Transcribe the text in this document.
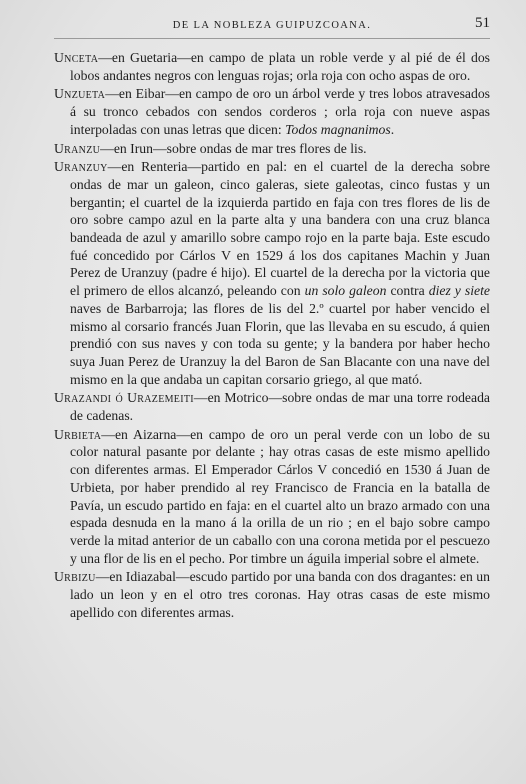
DE LA NOBLEZA GUIPUZCOANA.	51

Unceta—en Guetaria—en campo de plata un roble verde y al pié de él dos lobos andantes negros con lenguas rojas; orla roja con ocho aspas de oro.

Unzueta—en Eibar—en campo de oro un árbol verde y tres lobos atravesados á su tronco cebados con sendos corderos ; orla roja con nueve aspas interpoladas con unas letras que dicen: Todos magnanimos.

Uranzu—en Irun—sobre ondas de mar tres flores de lis.

Uranzuy—en Renteria—partido en pal: en el cuartel de la derecha sobre ondas de mar un galeon, cinco galeras, siete galeotas, cinco fustas y un bergantin; el cuartel de la izquierda partido en faja con tres flores de lis de oro sobre campo azul en la parte alta y una bandera con una cruz blanca bandeada de azul y amarillo sobre campo rojo en la parte baja. Este escudo fué concedido por Cárlos V en 1529 á los dos capitanes Machin y Juan Perez de Uranzuy (padre é hijo). El cuartel de la derecha por la victoria que el primero de ellos alcanzó, peleando con un solo galeon contra diez y siete naves de Barbarroja; las flores de lis del 2.º cuartel por haber vencido el mismo al corsario francés Juan Florin, que las llevaba en su escudo, á quien prendió con sus naves y con toda su gente; y la bandera por haber hecho suya Juan Perez de Uranzuy la del Baron de San Blacante con una nave del mismo en la que andaba un capitan corsario griego, al que mató.

Urazandi ó Urazemeiti—en Motrico—sobre ondas de mar una torre rodeada de cadenas.

Urbieta—en Aizarna—en campo de oro un peral verde con un lobo de su color natural pasante por delante ; hay otras casas de este mismo apellido con diferentes armas. El Emperador Cárlos V concedió en 1530 á Juan de Urbieta, por haber prendido al rey Francisco de Francia en la batalla de Pavía, un escudo partido en faja: en el cuartel alto un brazo armado con una espada desnuda en la mano á la orilla de un rio ; en el bajo sobre campo verde la mitad anterior de un caballo con una corona metida por el pescuezo y una flor de lis en el pecho. Por timbre un águila imperial sobre el almete.

Urbizu—en Idiazabal—escudo partido por una banda con dos dragantes: en un lado un leon y en el otro tres coronas. Hay otras casas de este mismo apellido con diferentes armas.
